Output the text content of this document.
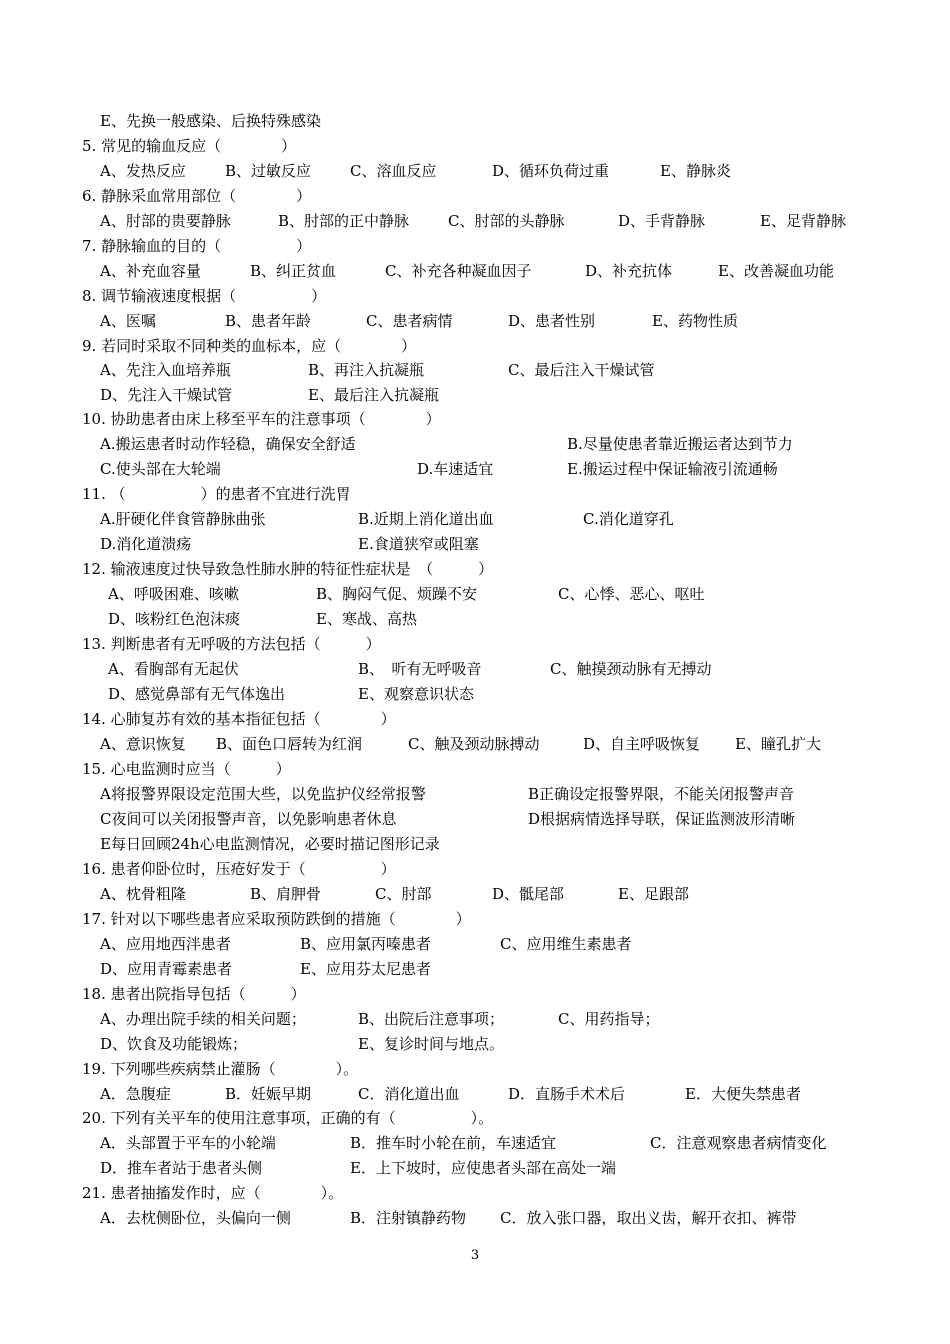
E、先换一般感染、后换特殊感染
5. 常见的输血反应（　　　　）
A、发热反应	B、过敏反应	C、溶血反应	D、循环负荷过重	E、静脉炎
6. 静脉采血常用部位（　　　　）
A、肘部的贵要静脉	B、肘部的正中静脉	C、肘部的头静脉	D、手背静脉	E、足背静脉
7. 静脉输血的目的（　　　　　）
A、补充血容量	B、纠正贫血	C、补充各种凝血因子	D、补充抗体	E、改善凝血功能
8. 调节输液速度根据（　　　　　）
A、医嘱	B、患者年龄	C、患者病情	D、患者性别	E、药物性质
9. 若同时采取不同种类的血标本，应（　　　　）
A、先注入血培养瓶	B、再注入抗凝瓶	C、最后注入干燥试管
D、先注入干燥试管	E、最后注入抗凝瓶
10. 协助患者由床上移至平车的注意事项（　　　　）
A.搬运患者时动作轻稳，确保安全舒适	B.尽量使患者靠近搬运者达到节力
C.使头部在大轮端	D.车速适宜	E.搬运过程中保证输液引流通畅
11. （　　　　　）的患者不宜进行洗胃
A.肝硬化伴食管静脉曲张	B.近期上消化道出血	C.消化道穿孔
D.消化道溃疡	E.食道狭窄或阻塞
12. 输液速度过快导致急性肺水肿的特征性症状是　（　　　）
A、呼吸困难、咳嗽	B、胸闷气促、烦躁不安	C、心悸、恶心、呕吐
D、咳粉红色泡沫痰	E、寒战、高热
13. 判断患者有无呼吸的方法包括（　　　）
A、看胸部有无起伏	B、　听有无呼吸音	C、触摸颈动脉有无搏动
D、感觉鼻部有无气体逸出	E、观察意识状态
14. 心肺复苏有效的基本指征包括（　　　　）
A、意识恢复 B、面色口唇转为红润	C、触及颈动脉搏动	D、自主呼吸恢复 E、瞳孔扩大
15. 心电监测时应当（　　　）
A将报警界限设定范围大些，以免监护仪经常报警	B正确设定报警界限，不能关闭报警声音
C夜间可以关闭报警声音，以免影响患者休息	D根据病情选择导联，保证监测波形清晰
E每日回顾24h心电监测情况，必要时描记图形记录
16. 患者仰卧位时，压疮好发于（　　　　　）
A、枕骨粗隆	B、肩胛骨	C、肘部	D、骶尾部	E、足跟部
17. 针对以下哪些患者应采取预防跌倒的措施（　　　　）
A、应用地西泮患者	B、应用氯丙嗪患者	C、应用维生素患者
D、应用青霉素患者	E、应用芬太尼患者
18. 患者出院指导包括（　　　）
A、办理出院手续的相关问题；	B、出院后注意事项；	C、用药指导；
D、饮食及功能锻炼；	E、复诊时间与地点。
19. 下列哪些疾病禁止灌肠（　　　　）。
A．急腹症	B．妊娠早期	C．消化道出血	D．直肠手术术后	E．大便失禁患者
20. 下列有关平车的使用注意事项，正确的有（　　　　　）。
A．头部置于平车的小轮端	B．推车时小轮在前，车速适宜	C．注意观察患者病情变化
D．推车者站于患者头侧	E．上下坡时，应使患者头部在高处一端
21. 患者抽搐发作时，应（　　　　）。
A．去枕侧卧位，头偏向一侧	B．注射镇静药物 C．放入张口器，取出义齿，解开衣扣、裤带
3
